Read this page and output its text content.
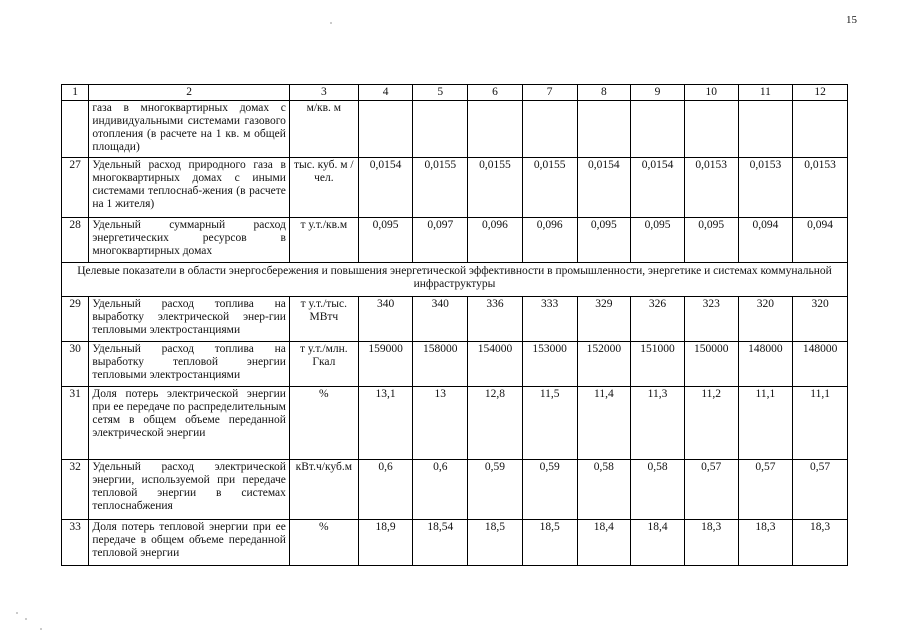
15
1	2	3	4	5	6	7	8	9	10	11	12
	газа в многоквартирных домах с индивидуальными системами газового отопления (в расчете на 1 кв. м общей площади)	м/кв. м									
27	Удельный расход природного газа в многоквартирных домах с иными системами теплоснаб-жения (в расчете на 1 жителя)	тыс. куб. м /чел.	0,0154	0,0155	0,0155	0,0155	0,0154	0,0154	0,0153	0,0153	0,0153
28	Удельный суммарный расход энергетических ресурсов в многоквартирных домах	т у.т./кв.м	0,095	0,097	0,096	0,096	0,095	0,095	0,095	0,094	0,094
Целевые показатели в области энергосбережения и повышения энергетической эффективности в промышленности, энергетике и системах коммунальной инфраструктуры											
29	Удельный расход топлива на выработку электрической энер-гии тепловыми электростанциями	т у.т./тыс. МВтч	340	340	336	333	329	326	323	320	320
30	Удельный расход топлива на выработку тепловой энергии тепловыми электростанциями	т у.т./млн. Гкал	159000	158000	154000	153000	152000	151000	150000	148000	148000
31	Доля потерь электрической энергии при ее передаче по распределительным сетям в общем объеме переданной электрической энергии	%	13,1	13	12,8	11,5	11,4	11,3	11,2	11,1	11,1
32	Удельный расход электрической энергии, используемой при передаче тепловой энергии в системах теплоснабжения	кВт.ч/куб.м	0,6	0,6	0,59	0,59	0,58	0,58	0,57	0,57	0,57
33	Доля потерь тепловой энергии при ее передаче в общем объеме переданной тепловой энергии	%	18,9	18,54	18,5	18,5	18,4	18,4	18,3	18,3	18,3
